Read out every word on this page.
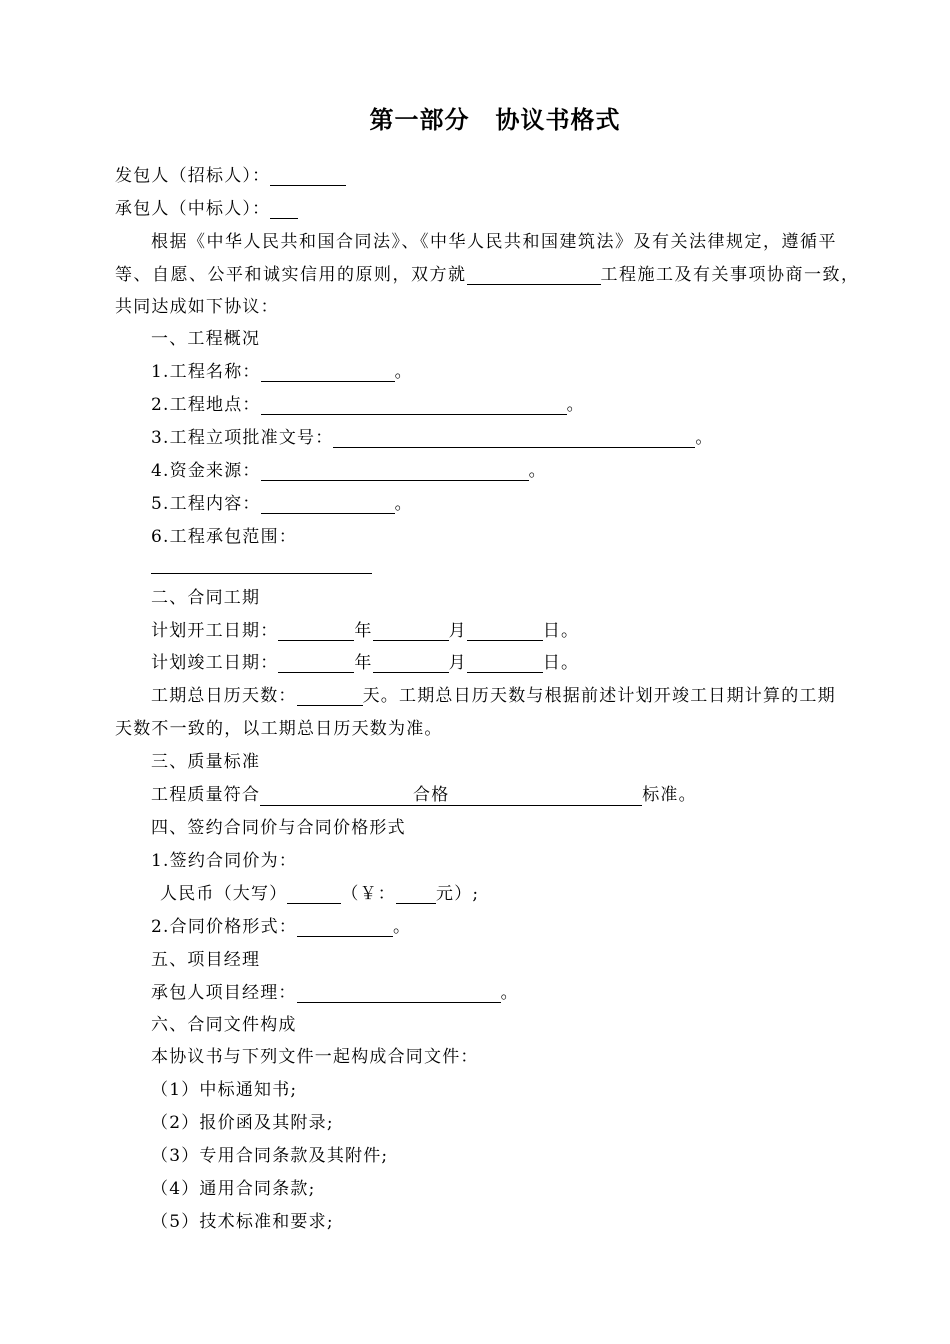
第一部分 协议书格式
发包人（招标人）：
承包人（中标人）：
根据《中华人民共和国合同法》、《中华人民共和国建筑法》及有关法律规定，遵循平
等、自愿、公平和诚实信用的原则，双方就	工程施工及有关事项协商一致，
共同达成如下协议：
一、工程概况
1.工程名称：	。
2.工程地点：	。
3.工程立项批准文号：	。
4.资金来源：	。
5.工程内容：	。
6.工程承包范围：
二、合同工期
计划开工日期：	年	月	日。
计划竣工日期：	年	月	日。
工期总日历天数：	天。工期总日历天数与根据前述计划开竣工日期计算的工期
天数不一致的，以工期总日历天数为准。
三、质量标准
工程质量符合	合格	标准。
四、签约合同价与合同价格形式
1.签约合同价为：
人民币（大写）	（￥： 元）;
2.合同价格形式：	。
五、项目经理
承包人项目经理：	。
六、合同文件构成
本协议书与下列文件一起构成合同文件：
（1）中标通知书;
（2）报价函及其附录;
（3）专用合同条款及其附件;
（4）通用合同条款;
（5）技术标准和要求;
